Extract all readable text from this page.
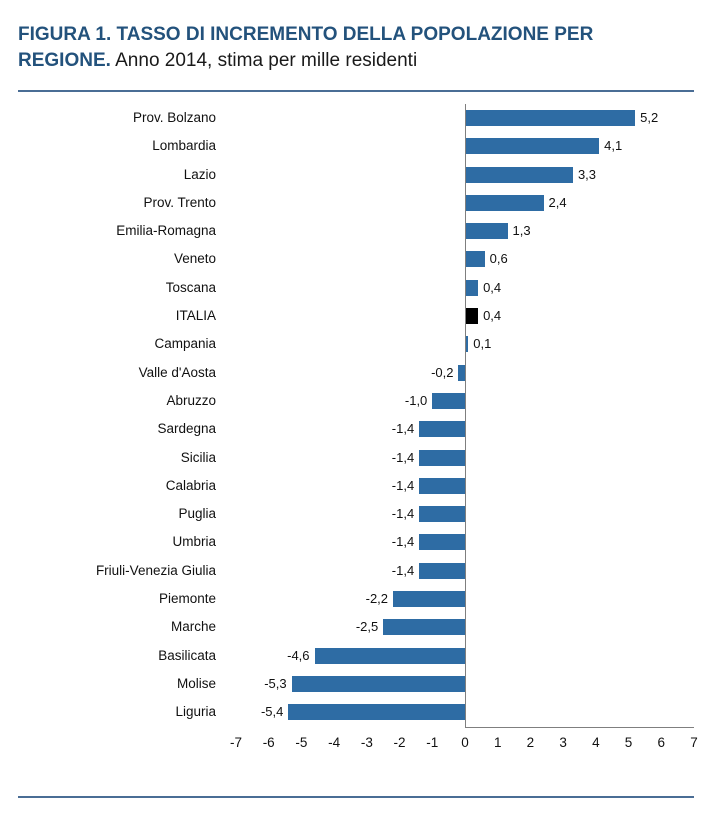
FIGURA 1. TASSO DI INCREMENTO DELLA POPOLAZIONE PER REGIONE. Anno 2014, stima per mille residenti
Prov. Bolzano	5,2
Lombardia	4,1
Lazio	3,3
Prov. Trento	2,4
Emilia-Romagna	1,3
Veneto	0,6
Toscana	0,4
ITALIA	0,4
Campania	0,1
Valle d'Aosta	-0,2
Abruzzo	-1,0
Sardegna	-1,4
Sicilia	-1,4
Calabria	-1,4
Puglia	-1,4
Umbria	-1,4
Friuli-Venezia Giulia	-1,4
Piemonte	-2,2
Marche	-2,5
Basilicata	-4,6
Molise	-5,3
Liguria	-5,4
-7 -6 -5 -4 -3 -2 -1	0	1	2	3	4	5	6	7
